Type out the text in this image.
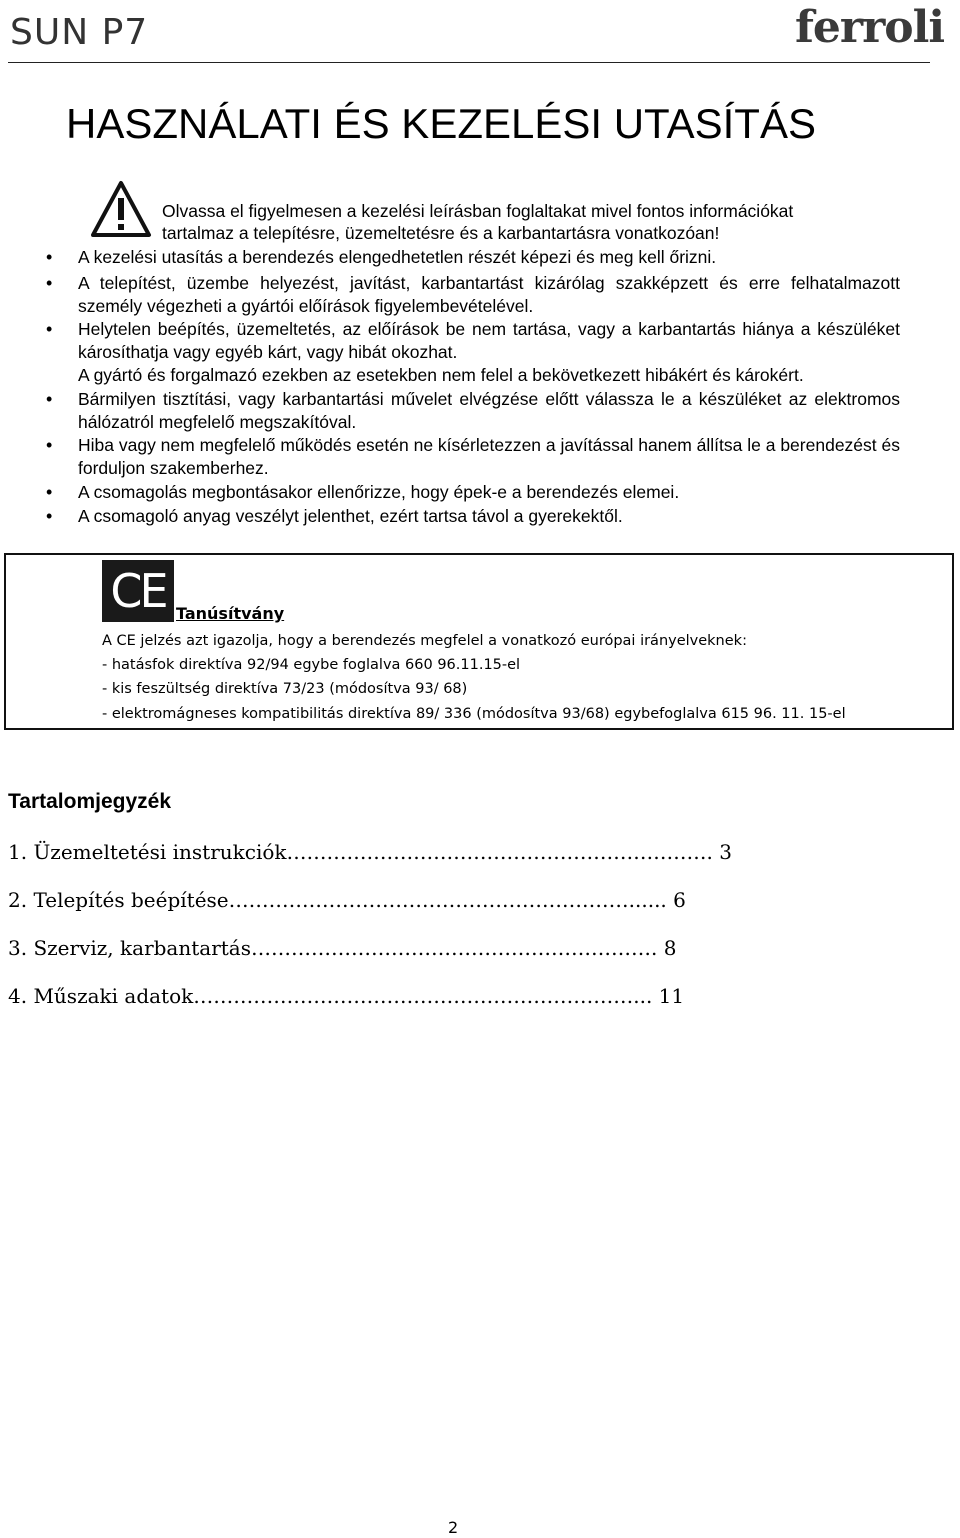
SUN P7	ferroli
HASZNÁLATI ÉS KEZELÉSI UTASÍTÁS

Olvassa el figyelmesen a kezelési leírásban foglaltakat mivel fontos információkat

tartalmaz a telepítésre, üzemeltetésre és a karbantartásra vonatkozóan!

• A kezelési utasítás a berendezés elengedhetetlen részét képezi és meg kell őrizni.
• A telepítést, üzembe helyezést, javítást, karbantartást kizárólag szakképzett és erre felhatalmazott személy végezheti a gyártói előírások figyelembevételével.
• Helytelen beépítés, üzemeltetés, az előírások be nem tartása, vagy a karbantartás hiánya a készüléket károsíthatja vagy egyéb kárt, vagy hibát okozhat.
• Bármilyen tisztítási, vagy karbantartási művelet elvégzése előtt válassza le a készüléket az elektromos hálózatról megfelelő megszakítóval.
• Hiba vagy nem megfelelő működés esetén ne kísérletezzen a javítással hanem állítsa le a berendezést és forduljon szakemberhez.
• A csomagolás megbontásakor ellenőrizze, hogy épek-e a berendezés elemei.
• A csomagoló anyag veszélyt jelenthet, ezért tartsa távol a gyerekektől.
A gyártó és forgalmazó ezekben az esetekben nem felel a bekövetkezett hibákért és károkért.
CE Tanúsítvány
A CE jelzés azt igazolja, hogy a berendezés megfelel a vonatkozó európai irányelveknek:
- hatásfok direktíva 92/94 egybe foglalva 660 96.11.15-el
- kis feszültség direktíva 73/23 (módosítva 93/ 68)
- elektromágneses kompatibilitás direktíva 89/ 336 (módosítva 93/68) egybefoglalva 615 96. 11. 15-el
Tartalomjegyzék
1. Üzemeltetési instrukciók………………………………………………………. 3
2. Telepítés beépítése……………………………………………………...... 6
3. Szerviz, karbantartás……………………………………………………. 8
4. Műszaki adatok…………………………………………………………... 11
2
